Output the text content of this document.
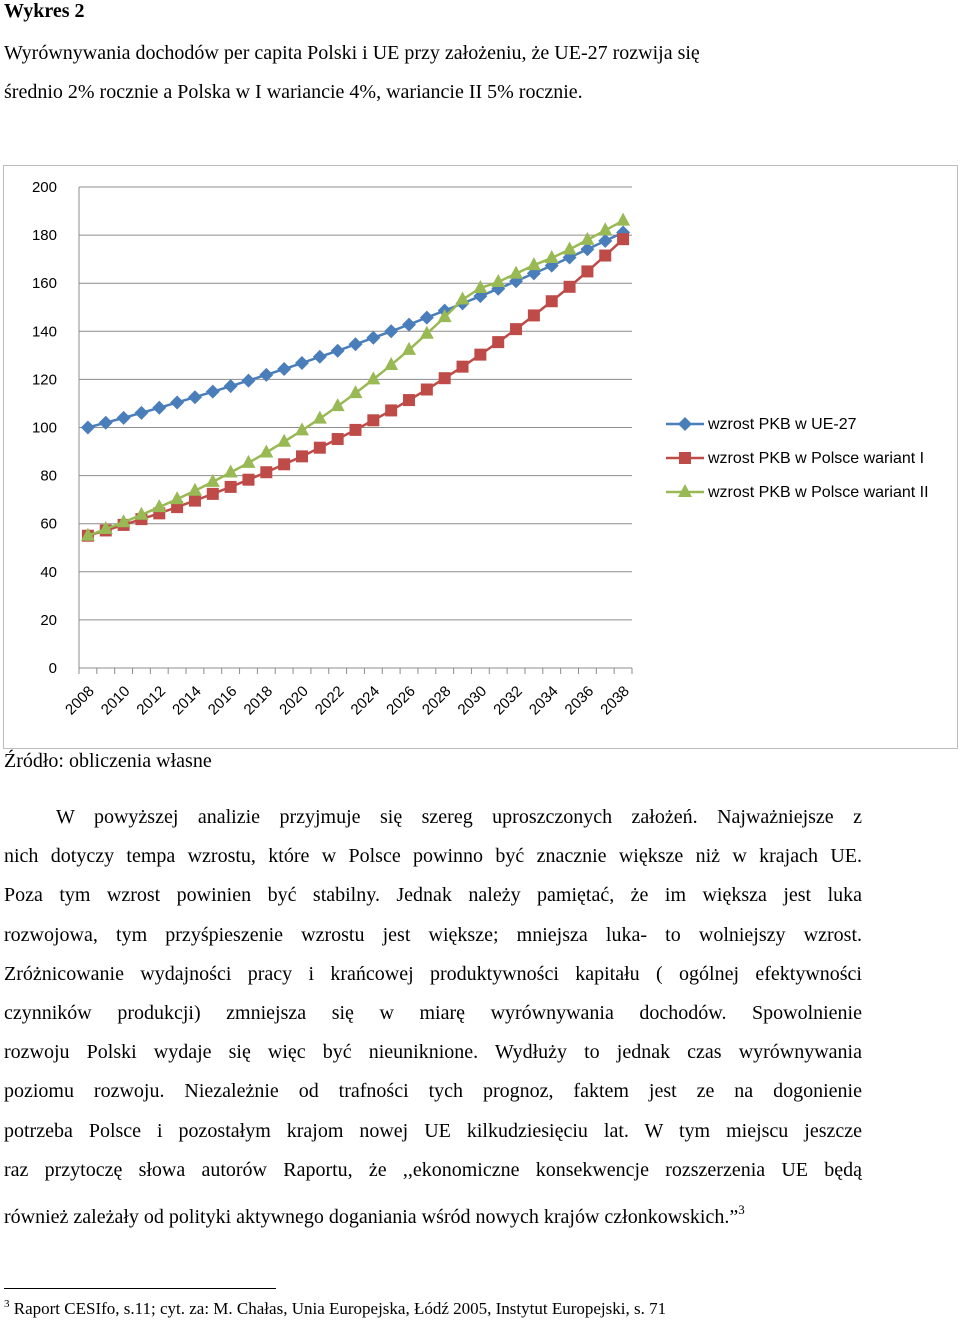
Wykres 2
Wyrównywania dochodów per capita Polski i UE przy założeniu, że UE-27 rozwija się
średnio 2% rocznie a Polska w I wariancie 4%, wariancie II 5% rocznie.
0
20
40
60
80
100
120
140
160
180
200
2008 2010 2012 2014 2016 2018 2020 2022 2024 2026 2028 2030 2032 2034 2036 2038
wzrost PKB w UE-27
wzrost PKB w Polsce wariant I
wzrost PKB w Polsce wariant II
Źródło: obliczenia własne
W powyższej analizie przyjmuje się szereg uproszczonych założeń. Najważniejsze z
nich dotyczy tempa wzrostu, które w Polsce powinno być znacznie większe niż w krajach UE.
Poza tym wzrost powinien być stabilny. Jednak należy pamiętać, że im większa jest luka
rozwojowa, tym przyśpieszenie wzrostu jest większe; mniejsza luka- to wolniejszy wzrost.
Zróżnicowanie wydajności pracy i krańcowej produktywności kapitału ( ogólnej efektywności
czynników produkcji) zmniejsza się w miarę wyrównywania dochodów. Spowolnienie
rozwoju Polski wydaje się więc być nieuniknione. Wydłuży to jednak czas wyrównywania
poziomu rozwoju. Niezależnie od trafności tych prognoz, faktem jest ze na dogonienie
potrzeba Polsce i pozostałym krajom nowej UE kilkudziesięciu lat. W tym miejscu jeszcze
raz przytoczę słowa autorów Raportu, że ,,ekonomiczne konsekwencje rozszerzenia UE będą
również zależały od polityki aktywnego doganiania wśród nowych krajów członkowskich.”$^3$
$^3$ Raport CESIfo, s.11; cyt. za: M. Chałas, Unia Europejska, Łódź 2005, Instytut Europejski, s. 71
